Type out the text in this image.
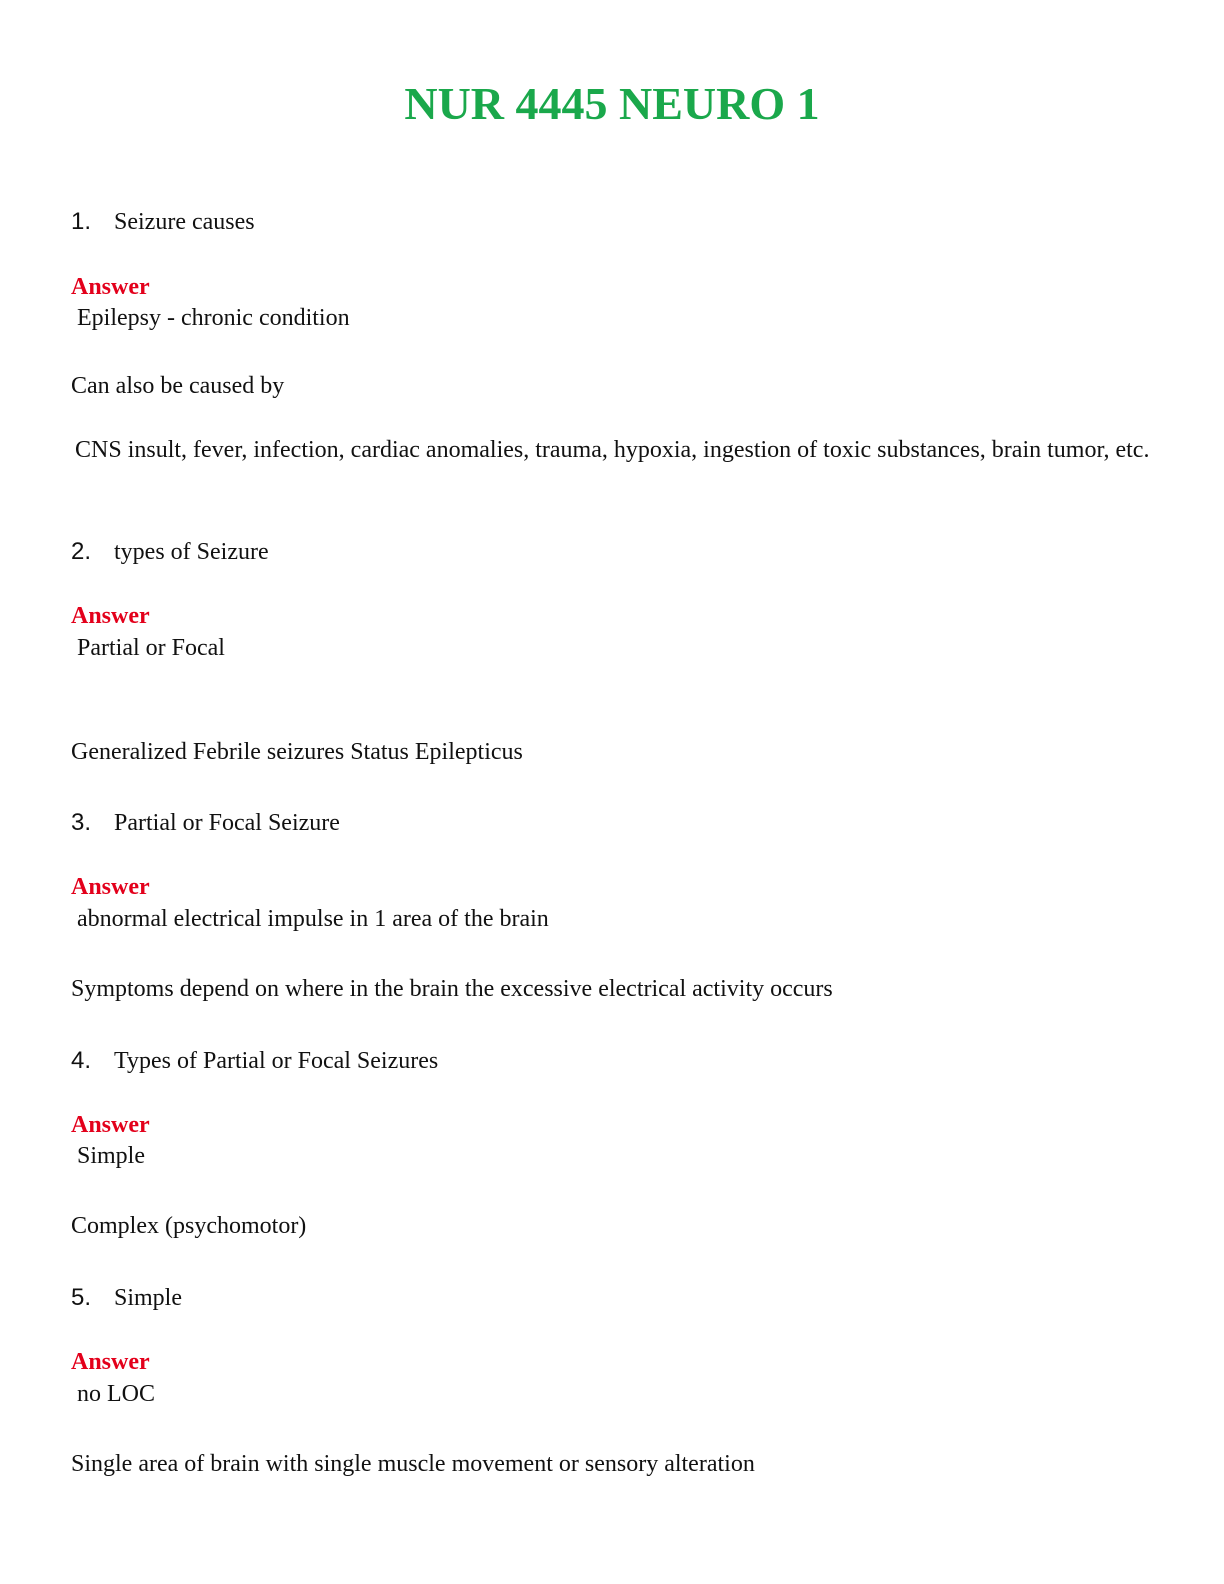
NUR 4445 NEURO 1
1. Seizure causes
Answer
Epilepsy - chronic condition
Can also be caused by
CNS insult, fever, infection, cardiac anomalies, trauma, hypoxia, ingestion of toxic substances, brain tumor, etc.
2. types of Seizure
Answer
Partial or Focal
Generalized Febrile seizures Status Epilepticus
3. Partial or Focal Seizure
Answer
abnormal electrical impulse in 1 area of the brain
Symptoms depend on where in the brain the excessive electrical activity occurs
4. Types of Partial or Focal Seizures
Answer
Simple
Complex (psychomotor)
5. Simple
Answer
no LOC
Single area of brain with single muscle movement or sensory alteration
